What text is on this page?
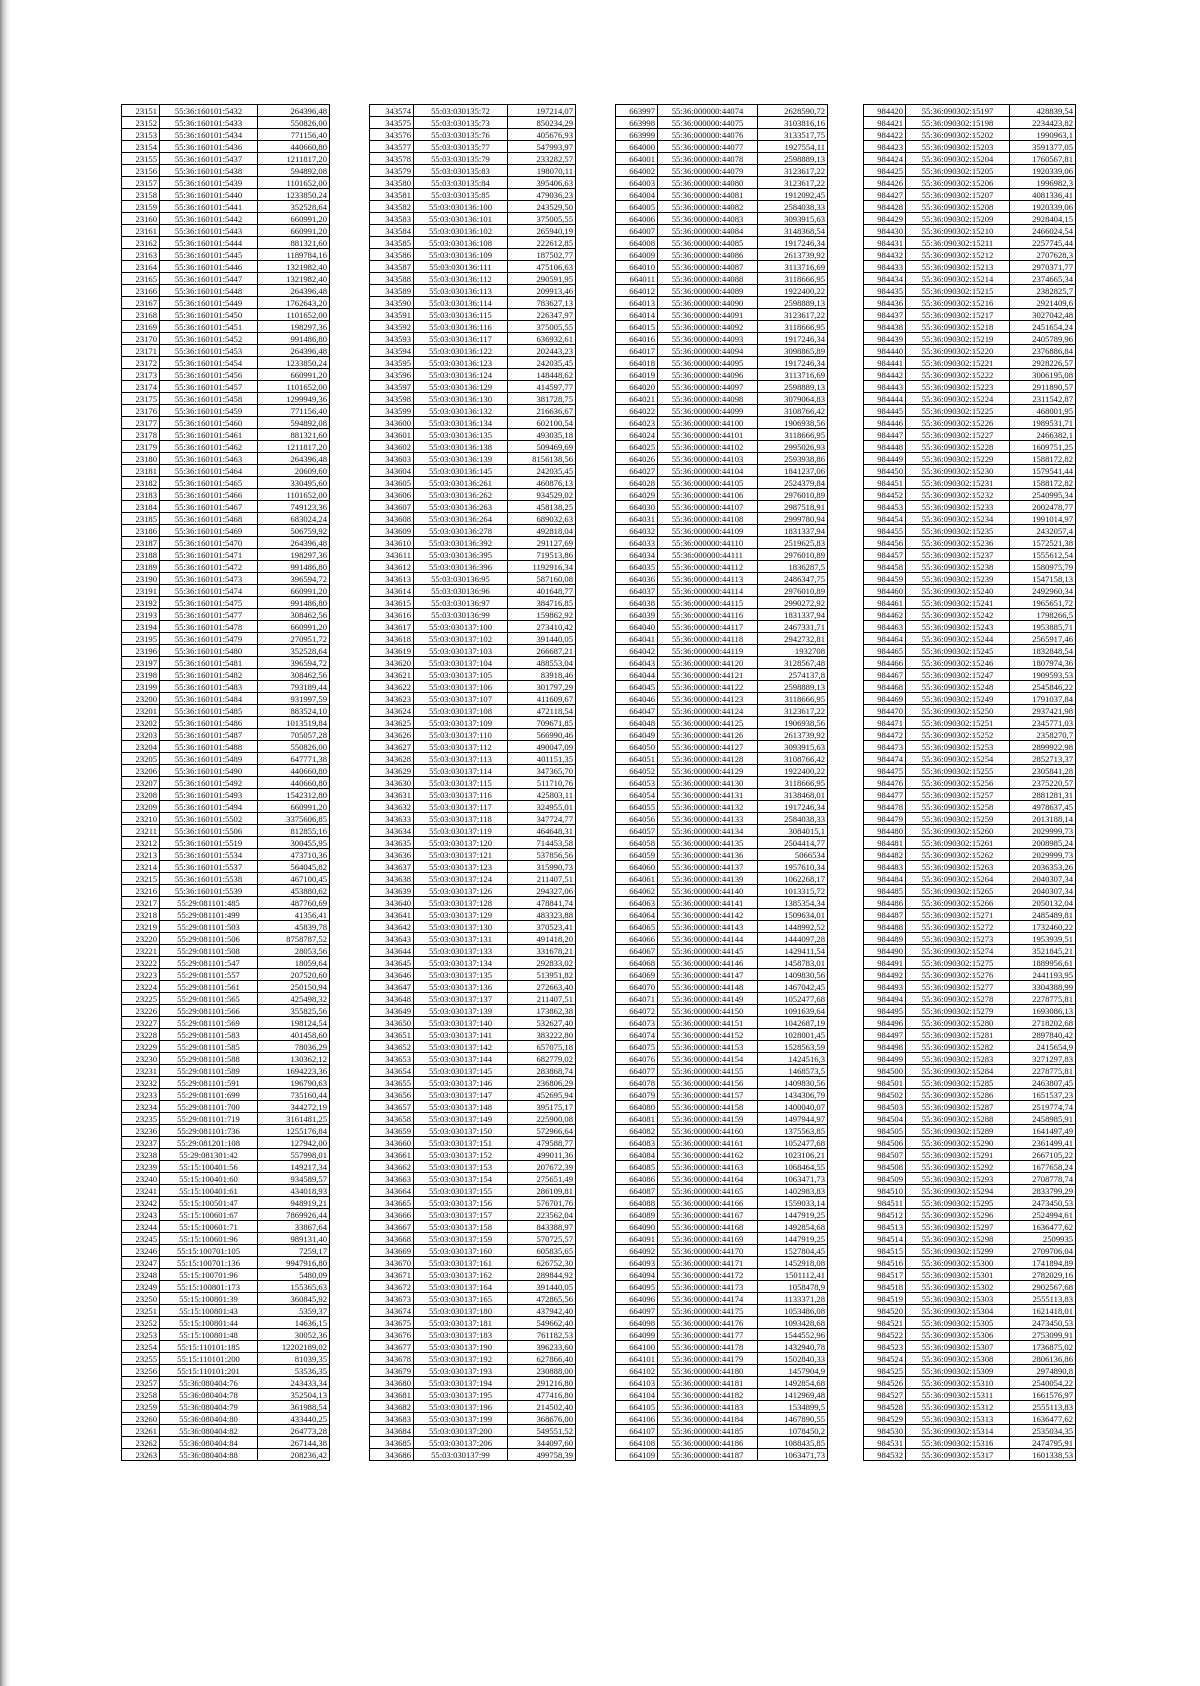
23151	55:36:160101:5432	264396,48
23152	55:36:160101:5433	550826,00
23153	55:36:160101:5434	771156,40
23154	55:36:160101:5436	440660,80
23155	55:36:160101:5437	1211817,20
23156	55:36:160101:5438	594892,08
23157	55:36:160101:5439	1101652,00
23158	55:36:160101:5440	1233850,24
23159	55:36:160101:5441	352528,64
23160	55:36:160101:5442	660991,20
23161	55:36:160101:5443	660991,20
23162	55:36:160101:5444	881321,60
23163	55:36:160101:5445	1189784,16
23164	55:36:160101:5446	1321982,40
23165	55:36:160101:5447	1321982,40
23166	55:36:160101:5448	264396,48
23167	55:36:160101:5449	1762643,20
23168	55:36:160101:5450	1101652,00
23169	55:36:160101:5451	198297,36
23170	55:36:160101:5452	991486,80
23171	55:36:160101:5453	264396,48
23172	55:36:160101:5454	1233850,24
23173	55:36:160101:5456	660991,20
23174	55:36:160101:5457	1101652,00
23175	55:36:160101:5458	1299949,36
23176	55:36:160101:5459	771156,40
23177	55:36:160101:5460	594892,08
23178	55:36:160101:5461	881321,60
23179	55:36:160101:5462	1211817,20
23180	55:36:160101:5463	264396,48
23181	55:36:160101:5464	20609,60
23182	55:36:160101:5465	330495,60
23183	55:36:160101:5466	1101652,00
23184	55:36:160101:5467	749123,36
23185	55:36:160101:5468	683024,24
23186	55:36:160101:5469	506759,92
23187	55:36:160101:5470	264396,48
23188	55:36:160101:5471	198297,36
23189	55:36:160101:5472	991486,80
23190	55:36:160101:5473	396594,72
23191	55:36:160101:5474	660991,20
23192	55:36:160101:5475	991486,80
23193	55:36:160101:5477	308462,56
23194	55:36:160101:5478	660991,20
23195	55:36:160101:5479	270951,72
23196	55:36:160101:5480	352528,64
23197	55:36:160101:5481	396594,72
23198	55:36:160101:5482	308462,56
23199	55:36:160101:5483	793189,44
23200	55:36:160101:5484	931997,59
23201	55:36:160101:5485	883524,10
23202	55:36:160101:5486	1013519,84
23203	55:36:160101:5487	705057,28
23204	55:36:160101:5488	550826,00
23205	55:36:160101:5489	647771,38
23206	55:36:160101:5490	440660,80
23207	55:36:160101:5492	440660,80
23208	55:36:160101:5493	1542312,80
23209	55:36:160101:5494	660991,20
23210	55:36:160101:5502	3375606,85
23211	55:36:160101:5506	812855,16
23212	55:36:160101:5519	300455,95
23213	55:36:160101:5534	473710,36
23214	55:36:160101:5537	564045,82
23215	55:36:160101:5538	467100,45
23216	55:36:160101:5539	453880,62
23217	55:29:081101:485	487760,69
23218	55:29:081101:499	41356,41
23219	55:29:081101:503	45839,78
23220	55:29:081101:506	8758787,52
23221	55:29:081101:508	28053,56
23222	55:29:081101:547	18059,64
23223	55:29:081101:557	207520,60
23224	55:29:081101:561	250150,94
23225	55:29:081101:565	425498,32
23226	55:29:081101:566	355825,56
23227	55:29:081101:569	198124,54
23228	55:29:081101:583	401458,60
23229	55:29:081101:585	78036,29
23230	55:29:081101:588	130362,12
23231	55:29:081101:589	1694223,36
23232	55:29:081101:591	196790,63
23233	55:29:081101:699	735160,44
23234	55:29:081101:700	344272,19
23235	55:29:081101:719	3161481,25
23236	55:29:081101:736	1255176,84
23237	55:29:081201:108	127942,00
23238	55:29:081301:42	557998,01
23239	55:15:100401:56	149217,34
23240	55:15:100401:60	934589,57
23241	55:15:100401:61	434018,93
23242	55:15:100501:47	948919,21
23243	55:15:100601:67	7869926,44
23244	55:15:100601:71	33867,64
23245	55:15:100601:96	989131,40
23246	55:15:100701:105	7259,17
23247	55:15:100701:136	9947916,80
23248	55:15:100701:96	5480,09
23249	55:15:100801:173	155365,63
23250	55:15:100801:39	360845,92
23251	55:15:100801:43	5359,37
23252	55:15:100801:44	14636,15
23253	55:15:100801:48	30052,36
23254	55:15:110101:185	12202189,02
23255	55:15:110101:200	81039,35
23256	55:15:110101:201	53536,35
23257	55:36:080404:76	243433,34
23258	55:36:080404:78	352504,13
23259	55:36:080404:79	361988,54
23260	55:36:080404:80	433440,25
23261	55:36:080404:82	264773,28
23262	55:36:080404:84	267144,38
23263	55:36:080404:88	208236,42
343574	55:03:030135:72	197214,07
343575	55:03:030135:73	850234,29
343576	55:03:030135:76	405676,93
343577	55:03:030135:77	547993,97
343578	55:03:030135:79	233282,57
343579	55:03:030135:83	198070,11
343580	55:03:030135:84	395406,63
343581	55:03:030135:85	479036,23
343582	55:03:030136:100	243529,50
343583	55:03:030136:101	375005,55
343584	55:03:030136:102	265940,19
343585	55:03:030136:108	222612,85
343586	55:03:030136:109	187502,77
343587	55:03:030136:111	475106,63
343588	55:03:030136:112	290591,95
343589	55:03:030136:113	209913,46
343590	55:03:030136:114	783627,13
343591	55:03:030136:115	226347,97
343592	55:03:030136:116	375005,55
343593	55:03:030136:117	636932,61
343594	55:03:030136:122	202443,23
343595	55:03:030136:123	242035,45
343596	55:03:030136:124	148448,62
343597	55:03:030136:129	414597,77
343598	55:03:030136:130	381728,75
343599	55:03:030136:132	216636,67
343600	55:03:030136:134	602100,54
343601	55:03:030136:135	493035,18
343602	55:03:030136:138	509469,69
343603	55:03:030136:139	8156138,56
343604	55:03:030136:145	242035,45
343605	55:03:030136:261	460876,13
343606	55:03:030136:262	934529,02
343607	55:03:030136:263	458138,25
343608	55:03:030136:264	689032,63
343609	55:03:030136:278	492818,04
343610	55:03:030136:392	291127,69
343611	55:03:030136:395	719513,86
343612	55:03:030136:396	1192916,34
343613	55:03:030136:95	587160,08
343614	55:03:030136:96	401648,77
343615	55:03:030136:97	384716,85
343616	55:03:030136:99	159862,92
343617	55:03:030137:100	273410,42
343618	55:03:030137:102	391440,05
343619	55:03:030137:103	266687,21
343620	55:03:030137:104	488553,04
343621	55:03:030137:105	83918,46
343622	55:03:030137:106	301797,29
343623	55:03:030137:107	411609,67
343624	55:03:030137:108	472118,54
343625	55:03:030137:109	709671,85
343626	55:03:030137:110	566990,46
343627	55:03:030137:112	490047,09
343628	55:03:030137:113	401151,35
343629	55:03:030137:114	347365,70
343630	55:03:030137:115	511710,76
343631	55:03:030137:116	425803,11
343632	55:03:030137:117	324955,01
343633	55:03:030137:118	347724,77
343634	55:03:030137:119	464648,31
343635	55:03:030137:120	714453,58
343636	55:03:030137:121	537856,56
343637	55:03:030137:123	315990,73
343638	55:03:030137:124	211407,51
343639	55:03:030137:126	294327,06
343640	55:03:030137:128	478841,74
343641	55:03:030137:129	483323,88
343642	55:03:030137:130	370523,41
343643	55:03:030137:131	491418,20
343644	55:03:030137:133	331678,21
343645	55:03:030137:134	292833,02
343646	55:03:030137:135	513951,82
343647	55:03:030137:136	272663,40
343648	55:03:030137:137	211407,51
343649	55:03:030137:139	173862,38
343650	55:03:030137:140	532627,40
343651	55:03:030137:141	383222,80
343652	55:03:030137:142	657075,18
343653	55:03:030137:144	682779,02
343654	55:03:030137:145	283868,74
343655	55:03:030137:146	236806,29
343656	55:03:030137:147	452695,94
343657	55:03:030137:148	395175,17
343658	55:03:030137:149	225900,08
343659	55:03:030137:150	572966,64
343660	55:03:030137:151	479588,77
343661	55:03:030137:152	499011,36
343662	55:03:030137:153	207672,39
343663	55:03:030137:154	275651,49
343664	55:03:030137:155	286109,81
343665	55:03:030137:156	576701,76
343666	55:03:030137:157	223562,04
343667	55:03:030137:158	843388,97
343668	55:03:030137:159	570725,57
343669	55:03:030137:160	605835,65
343670	55:03:030137:161	626752,30
343671	55:03:030137:162	289844,92
343672	55:03:030137:164	391440,05
343673	55:03:030137:165	472865,56
343674	55:03:030137:180	437942,40
343675	55:03:030137:181	549662,40
343676	55:03:030137:183	761182,53
343677	55:03:030137:190	396233,60
343678	55:03:030137:192	627866,40
343679	55:03:030137:193	230888,00
343680	55:03:030137:194	291216,80
343681	55:03:030137:195	477416,80
343682	55:03:030137:196	214502,40
343683	55:03:030137:199	368676,00
343684	55:03:030137:200	549551,52
343685	55:03:030137:206	344097,60
343686	55:03:030137:99	499758,39
663997	55:36:000000:44074	2628590,72
663998	55:36:000000:44075	3103816,16
663999	55:36:000000:44076	3133517,75
664000	55:36:000000:44077	1927554,11
664001	55:36:000000:44078	2598889,13
664002	55:36:000000:44079	3123617,22
664003	55:36:000000:44080	3123617,22
664004	55:36:000000:44081	1912092,45
664005	55:36:000000:44082	2584038,33
664006	55:36:000000:44083	3093915,63
664007	55:36:000000:44084	3148368,54
664008	55:36:000000:44085	1917246,34
664009	55:36:000000:44086	2613739,92
664010	55:36:000000:44087	3113716,69
664011	55:36:000000:44088	3118666,95
664012	55:36:000000:44089	1922400,22
664013	55:36:000000:44090	2598889,13
664014	55:36:000000:44091	3123617,22
664015	55:36:000000:44092	3118666,95
664016	55:36:000000:44093	1917246,34
664017	55:36:000000:44094	3098865,89
664018	55:36:000000:44095	1917246,34
664019	55:36:000000:44096	3113716,69
664020	55:36:000000:44097	2598889,13
664021	55:36:000000:44098	3079064,83
664022	55:36:000000:44099	3108766,42
664023	55:36:000000:44100	1906938,56
664024	55:36:000000:44101	3118666,95
664025	55:36:000000:44102	2995026,93
664026	55:36:000000:44103	2593938,86
664027	55:36:000000:44104	1841237,06
664028	55:36:000000:44105	2524379,84
664029	55:36:000000:44106	2976010,89
664030	55:36:000000:44107	2987518,91
664031	55:36:000000:44108	2999780,94
664032	55:36:000000:44109	1831337,94
664033	55:36:000000:44110	2519625,83
664034	55:36:000000:44111	2976010,89
664035	55:36:000000:44112	1836287,5
664036	55:36:000000:44113	2486347,75
664037	55:36:000000:44114	2976010,89
664038	55:36:000000:44115	2990272,92
664039	55:36:000000:44116	1831337,94
664040	55:36:000000:44117	2467331,71
664041	55:36:000000:44118	2942732,81
664042	55:36:000000:44119	1932708
664043	55:36:000000:44120	3128567,48
664044	55:36:000000:44121	2574137,8
664045	55:36:000000:44122	2598889,13
664046	55:36:000000:44123	3118666,95
664047	55:36:000000:44124	3123617,22
664048	55:36:000000:44125	1906938,56
664049	55:36:000000:44126	2613739,92
664050	55:36:000000:44127	3093915,63
664051	55:36:000000:44128	3108766,42
664052	55:36:000000:44129	1922400,22
664053	55:36:000000:44130	3118666,95
664054	55:36:000000:44131	3138468,01
664055	55:36:000000:44132	1917246,34
664056	55:36:000000:44133	2584038,33
664057	55:36:000000:44134	3084015,1
664058	55:36:000000:44135	2504414,77
664059	55:36:000000:44136	5066534
664060	55:36:000000:44137	1957610,34
664061	55:36:000000:44139	1062268,17
664062	55:36:000000:44140	1013315,72
664063	55:36:000000:44141	1385354,34
664064	55:36:000000:44142	1509634,01
664065	55:36:000000:44143	1448992,52
664066	55:36:000000:44144	1444097,28
664067	55:36:000000:44145	1429411,54
664068	55:36:000000:44146	1458783,01
664069	55:36:000000:44147	1409830,56
664070	55:36:000000:44148	1467042,45
664071	55:36:000000:44149	1052477,68
664072	55:36:000000:44150	1091639,64
664073	55:36:000000:44151	1042687,19
664074	55:36:000000:44152	1028001,45
664075	55:36:000000:44153	1528563,59
664076	55:36:000000:44154	1424516,3
664077	55:36:000000:44155	1468573,5
664078	55:36:000000:44156	1409830,56
664079	55:36:000000:44157	1434306,79
664080	55:36:000000:44158	1400040,07
664081	55:36:000000:44159	1497944,97
664082	55:36:000000:44160	1375563,85
664083	55:36:000000:44161	1052477,68
664084	55:36:000000:44162	1023106,21
664085	55:36:000000:44163	1068464,55
664086	55:36:000000:44164	1063471,73
664087	55:36:000000:44165	1402983,83
664088	55:36:000000:44166	1559033,14
664089	55:36:000000:44167	1447919,25
664090	55:36:000000:44168	1492854,68
664091	55:36:000000:44169	1447919,25
664092	55:36:000000:44170	1527804,45
664093	55:36:000000:44171	1452918,08
664094	55:36:000000:44172	1501112,41
664095	55:36:000000:44173	1058478,9
664096	55:36:000000:44174	1133371,28
664097	55:36:000000:44175	1053486,08
664098	55:36:000000:44176	1093428,68
664099	55:36:000000:44177	1544552,96
664100	55:36:000000:44178	1432940,78
664101	55:36:000000:44179	1502840,33
664102	55:36:000000:44180	1457904,9
664103	55:36:000000:44181	1492854,68
664104	55:36:000000:44182	1412969,48
664105	55:36:000000:44183	1534899,5
664106	55:36:000000:44184	1467890,55
664107	55:36:000000:44185	1078450,2
664108	55:36:000000:44186	1088435,85
664109	55:36:000000:44187	1063471,73
984420	55:36:090302:15197	428839,54
984421	55:36:090302:15198	2234423,82
984422	55:36:090302:15202	1990963,1
984423	55:36:090302:15203	3591377,05
984424	55:36:090302:15204	1760567,81
984425	55:36:090302:15205	1920339,06
984426	55:36:090302:15206	1996982,3
984427	55:36:090302:15207	4081336,41
984428	55:36:090302:15208	1920339,06
984429	55:36:090302:15209	2928404,15
984430	55:36:090302:15210	2466024,54
984431	55:36:090302:15211	2257745,44
984432	55:36:090302:15212	2707628,3
984433	55:36:090302:15213	2970371,77
984434	55:36:090302:15214	2374665,34
984435	55:36:090302:15215	2382825,7
984436	55:36:090302:15216	2921409,6
984437	55:36:090302:15217	3027042,48
984438	55:36:090302:15218	2451654,24
984439	55:36:090302:15219	2405789,96
984440	55:36:090302:15220	2376886,84
984441	55:36:090302:15221	2928226,57
984442	55:36:090302:15222	3006195,08
984443	55:36:090302:15223	2911890,57
984444	55:36:090302:15224	2311542,87
984445	55:36:090302:15225	468001,95
984446	55:36:090302:15226	1989531,71
984447	55:36:090302:15227	2466382,1
984448	55:36:090302:15228	1609751,25
984449	55:36:090302:15229	1588172,82
984450	55:36:090302:15230	1579541,44
984451	55:36:090302:15231	1588172,82
984452	55:36:090302:15232	2540995,34
984453	55:36:090302:15233	2002478,77
984454	55:36:090302:15234	1991014,97
984455	55:36:090302:15235	2432057,4
984456	55:36:090302:15236	1572521,38
984457	55:36:090302:15237	1555612,54
984458	55:36:090302:15238	1580975,79
984459	55:36:090302:15239	1547158,13
984460	55:36:090302:15240	2492960,34
984461	55:36:090302:15241	1965651,72
984462	55:36:090302:15242	1798266,5
984463	55:36:090302:15243	1953885,71
984464	55:36:090302:15244	2565917,46
984465	55:36:090302:15245	1832848,54
984466	55:36:090302:15246	1807974,36
984467	55:36:090302:15247	1909593,53
984468	55:36:090302:15248	2545846,22
984469	55:36:090302:15249	1791037,84
984470	55:36:090302:15250	2937421,98
984471	55:36:090302:15251	2345771,03
984472	55:36:090302:15252	2358270,7
984473	55:36:090302:15253	2899922,98
984474	55:36:090302:15254	2852713,37
984475	55:36:090302:15255	2305841,28
984476	55:36:090302:15256	2375220,57
984477	55:36:090302:15257	2881281,31
984478	55:36:090302:15258	4978637,45
984479	55:36:090302:15259	2013188,14
984480	55:36:090302:15260	2029999,73
984481	55:36:090302:15261	2008985,24
984482	55:36:090302:15262	2029999,73
984483	55:36:090302:15263	2036353,26
984484	55:36:090302:15264	2040307,34
984485	55:36:090302:15265	2040307,34
984486	55:36:090302:15266	2050132,04
984487	55:36:090302:15271	2485489,81
984488	55:36:090302:15272	1732460,22
984489	55:36:090302:15273	1953939,51
984490	55:36:090302:15274	3521845,21
984491	55:36:090302:15275	1889956,61
984492	55:36:090302:15276	2441193,95
984493	55:36:090302:15277	3304388,99
984494	55:36:090302:15278	2278775,81
984495	55:36:090302:15279	1693086,13
984496	55:36:090302:15280	2718202,68
984497	55:36:090302:15281	2897840,42
984498	55:36:090302:15282	2415654,9
984499	55:36:090302:15283	3271297,83
984500	55:36:090302:15284	2278775,81
984501	55:36:090302:15285	2463807,45
984502	55:36:090302:15286	1651537,23
984503	55:36:090302:15287	2519774,74
984504	55:36:090302:15288	2458985,91
984505	55:36:090302:15289	1641497,49
984506	55:36:090302:15290	2361499,41
984507	55:36:090302:15291	2667105,22
984508	55:36:090302:15292	1677658,24
984509	55:36:090302:15293	2708778,74
984510	55:36:090302:15294	2833799,29
984511	55:36:090302:15295	2473450,53
984512	55:36:090302:15296	2524994,61
984513	55:36:090302:15297	1636477,62
984514	55:36:090302:15298	2509935
984515	55:36:090302:15299	2709706,04
984516	55:36:090302:15300	1741894,89
984517	55:36:090302:15301	2782029,16
984518	55:36:090302:15302	2902567,68
984519	55:36:090302:15303	2555113,83
984520	55:36:090302:15304	1621418,01
984521	55:36:090302:15305	2473450,53
984522	55:36:090302:15306	2753099,91
984523	55:36:090302:15307	1736875,02
984524	55:36:090302:15308	2806136,86
984525	55:36:090302:15309	2974890,8
984526	55:36:090302:15310	2540054,22
984527	55:36:090302:15311	1661576,97
984528	55:36:090302:15312	2555113,83
984529	55:36:090302:15313	1636477,62
984530	55:36:090302:15314	2535034,35
984531	55:36:090302:15316	2474795,91
984532	55:36:090302:15317	1601338,53
